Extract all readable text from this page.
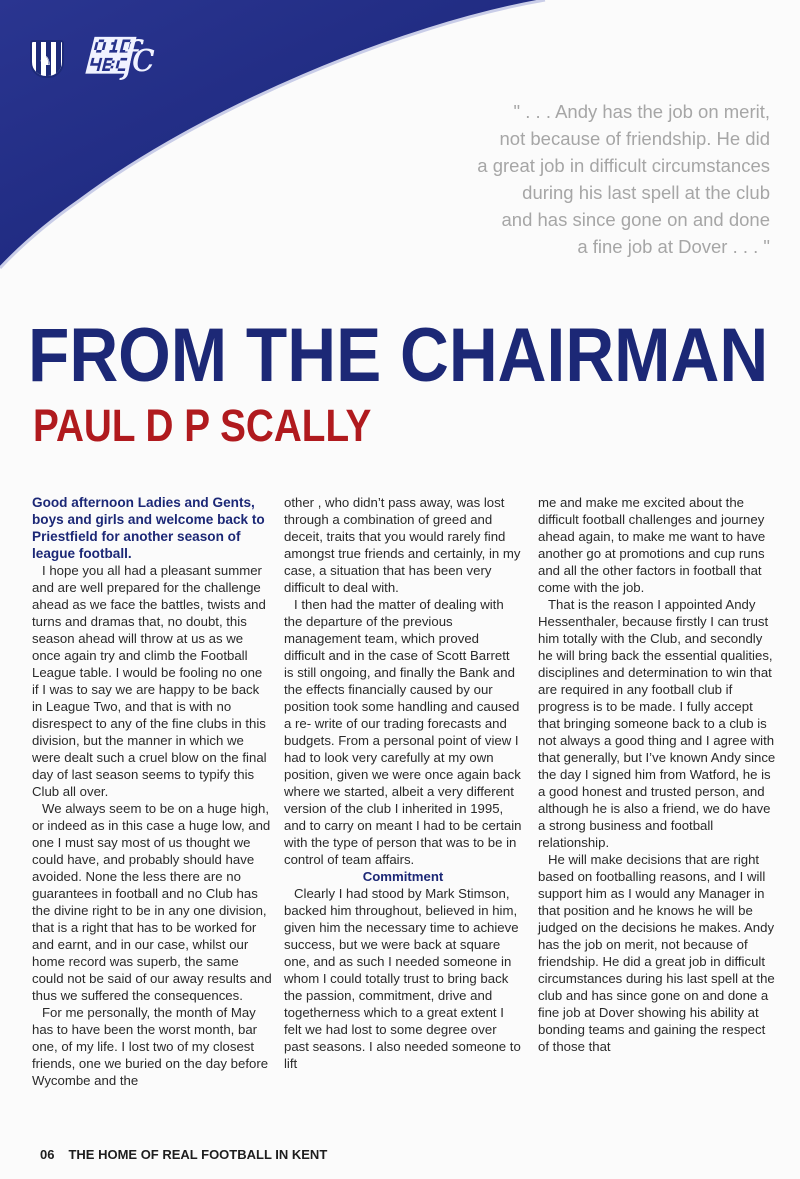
♞ 𝒼fc
" . . . Andy has the job on merit,
not because of friendship. He did
a great job in difficult circumstances
during his last spell at the club
and has since gone on and done
a fine job at Dover . . . "
FROM THE CHAIRMAN
PAUL D P SCALLY

Good afternoon Ladies and Gents, boys and girls and welcome back to Priestfield for another season of league football.

I hope you all had a pleasant summer and are well prepared for the challenge ahead as we face the battles, twists and turns and dramas that, no doubt, this season ahead will throw at us as we once again try and climb the Football League table. I would be fooling no one if I was to say we are happy to be back in League Two, and that is with no disrespect to any of the fine clubs in this division, but the manner in which we were dealt such a cruel blow on the final day of last season seems to typify this Club all over.

We always seem to be on a huge high, or indeed as in this case a huge low, and one I must say most of us thought we could have, and probably should have avoided. None the less there are no guarantees in football and no Club has the divine right to be in any one division, that is a right that has to be worked for and earnt, and in our case, whilst our home record was superb, the same could not be said of our away results and thus we suffered the consequences.

For me personally, the month of May has to have been the worst month, bar one, of my life. I lost two of my closest friends, one we buried on the day before Wycombe and the

other , who didn’t pass away, was lost through a combination of greed and deceit, traits that you would rarely find amongst true friends and certainly, in my case, a situation that has been very difficult to deal with.

I then had the matter of dealing with the departure of the previous management team, which proved difficult and in the case of Scott Barrett is still ongoing, and finally the Bank and the effects financially caused by our position took some handling and caused a re- write of our trading forecasts and budgets. From a personal point of view I had to look very carefully at my own position, given we were once again back where we started, albeit a very different version of the club I inherited in 1995, and to carry on meant I had to be certain with the type of person that was to be in control of team affairs.

Commitment

Clearly I had stood by Mark Stimson, backed him throughout, believed in him, given him the necessary time to achieve success, but we were back at square one, and as such I needed someone in whom I could totally trust to bring back the passion, commitment, drive and togetherness which to a great extent I felt we had lost to some degree over past seasons. I also needed someone to lift

me and make me excited about the difficult football challenges and journey ahead again, to make me want to have another go at promotions and cup runs and all the other factors in football that come with the job.

That is the reason I appointed Andy Hessenthaler, because firstly I can trust him totally with the Club, and secondly he will bring back the essential qualities, disciplines and determination to win that are required in any football club if progress is to be made. I fully accept that bringing someone back to a club is not always a good thing and I agree with that generally, but I’ve known Andy since the day I signed him from Watford, he is a good honest and trusted person, and although he is also a friend, we do have a strong business and football relationship.

He will make decisions that are right based on footballing reasons, and I will support him as I would any Manager in that position and he knows he will be judged on the decisions he makes. Andy has the job on merit, not because of friendship. He did a great job in difficult circumstances during his last spell at the club and has since gone on and done a fine job at Dover showing his ability at bonding teams and gaining the respect of those that

06 THE HOME OF REAL FOOTBALL IN KENT
